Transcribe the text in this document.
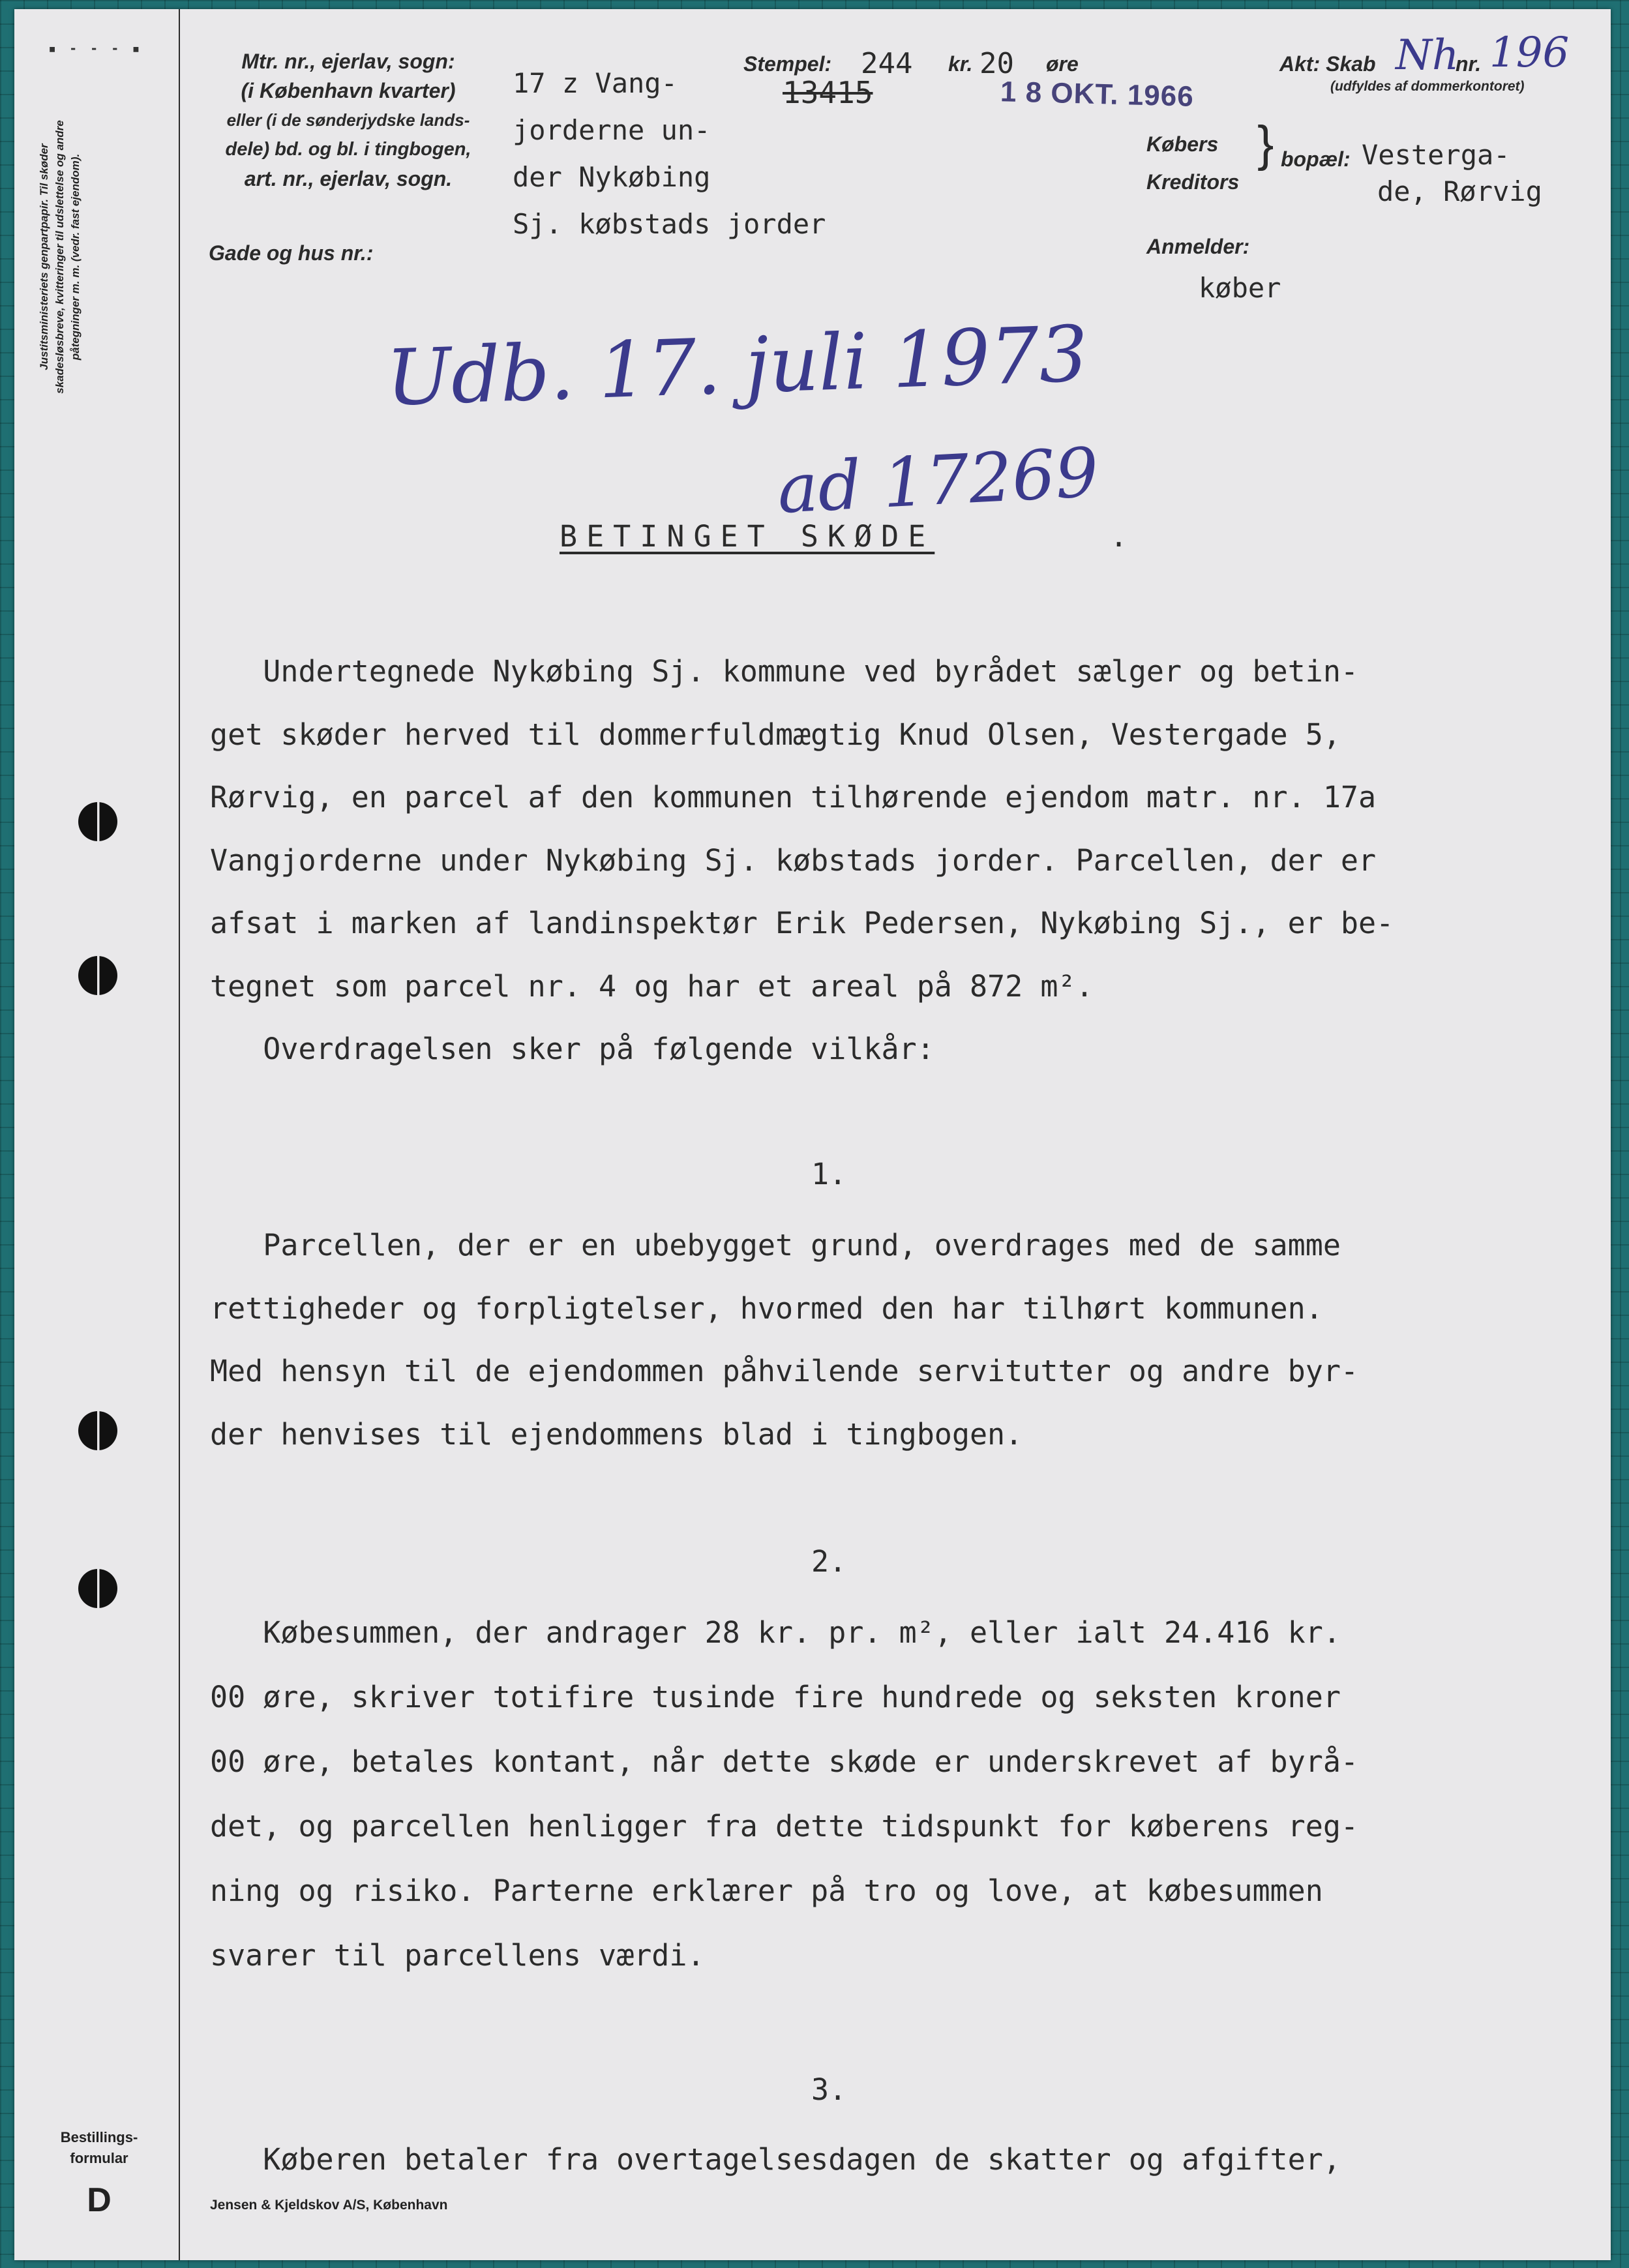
▪ - - - ▪
Justitsministeriets genpartpapir. Til skøder skadesløsbreve, kvitteringer til udslettelse og andre påtegninger m. m. (vedr. fast ejendom).
Mtr. nr., ejerlav, sogn:
(i København kvarter)
eller (i de sønderjydske lands-
dele) bd. og bl. i tingbogen,
art. nr., ejerlav, sogn.
Gade og hus nr.:
17 z Vang-
jorderne un-
der Nykøbing
Sj. købstads jorder
Stempel: 244 kr. 20 øre
13415	1 8 OKT. 1966
Akt: Skab Nh
nr. 196
(udfyldes af dommerkontoret)
Købers
Kreditors
} bopæl: Vesterga-
de, Rørvig
Anmelder:
køber
Udb. 17. juli 1973
ad 17269
BETINGET SKØDE	.
Undertegnede Nykøbing Sj. kommune ved byrådet sælger og betin-
get skøder herved til dommerfuldmægtig Knud Olsen, Vestergade 5,
Rørvig, en parcel af den kommunen tilhørende ejendom matr. nr. 17a
Vangjorderne under Nykøbing Sj. købstads jorder. Parcellen, der er
afsat i marken af landinspektør Erik Pedersen, Nykøbing Sj., er be-
tegnet som parcel nr. 4 og har et areal på 872 m².
Overdragelsen sker på følgende vilkår:
1.
Parcellen, der er en ubebygget grund, overdrages med de samme
rettigheder og forpligtelser, hvormed den har tilhørt kommunen.
Med hensyn til de ejendommen påhvilende servitutter og andre byr-
der henvises til ejendommens blad i tingbogen.
2.
Købesummen, der andrager 28 kr. pr. m², eller ialt 24.416 kr.
00 øre, skriver totifire tusinde fire hundrede og seksten kroner
00 øre, betales kontant, når dette skøde er underskrevet af byrå-
det, og parcellen henligger fra dette tidspunkt for køberens reg-
ning og risiko. Parterne erklærer på tro og love, at købesummen
svarer til parcellens værdi.
3.
Køberen betaler fra overtagelsesdagen de skatter og afgifter,
Bestillings-
formular
D	Jensen & Kjeldskov A/S, København
